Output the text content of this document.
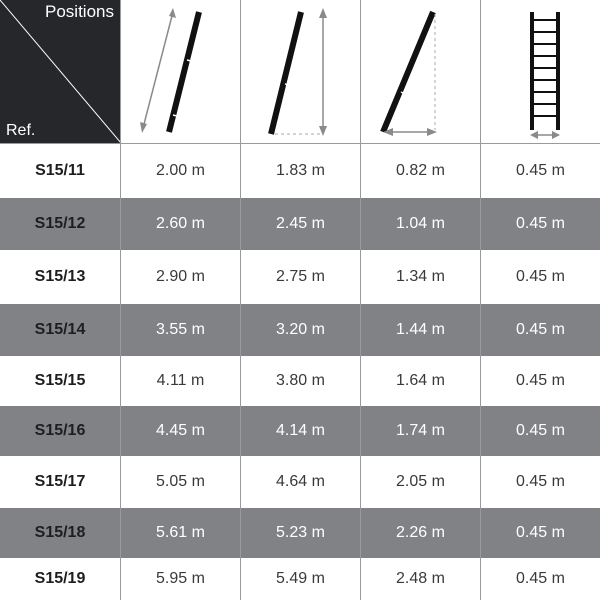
Positions
Ref.
S15/11	2.00 m	1.83 m	0.82 m	0.45 m
S15/12	2.60 m	2.45 m	1.04 m	0.45 m
S15/13	2.90 m	2.75 m	1.34 m	0.45 m
S15/14	3.55 m	3.20 m	1.44 m	0.45 m
S15/15	4.11 m	3.80 m	1.64 m	0.45 m
S15/16	4.45 m	4.14 m	1.74 m	0.45 m
S15/17	5.05 m	4.64 m	2.05 m	0.45 m
S15/18	5.61 m	5.23 m	2.26 m	0.45 m
S15/19	5.95 m	5.49 m	2.48 m	0.45 m
